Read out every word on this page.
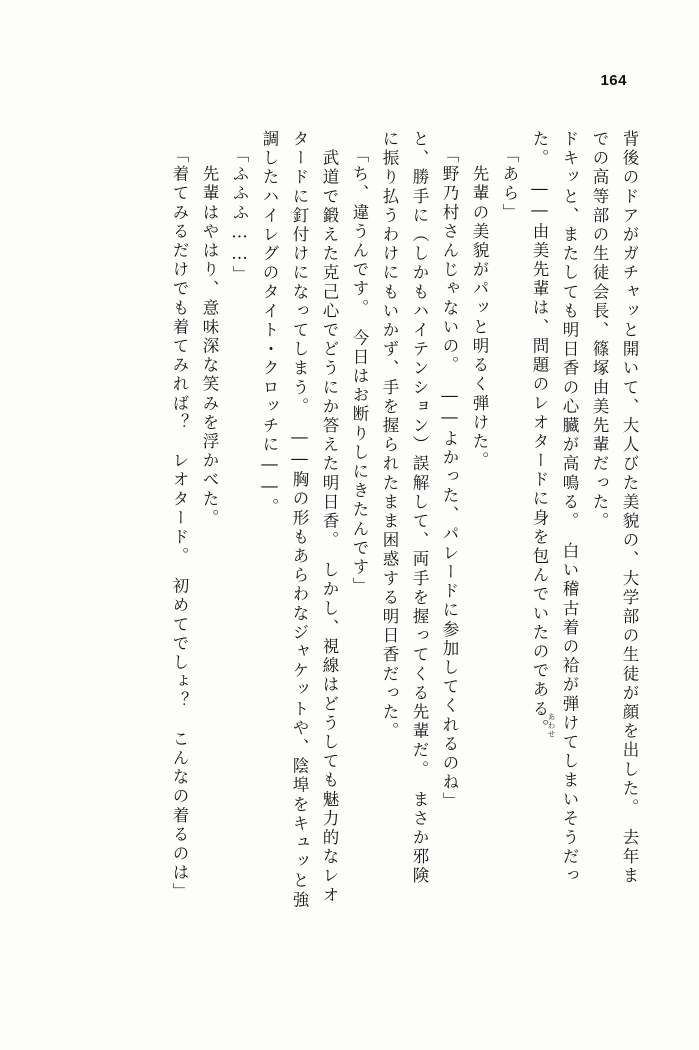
164
背後のドアがガチャッと開いて、大人びた美貌の、大学部の生徒が顔を出した。　去年ま
での高等部の生徒会長、篠塚由美先輩だった。
ドキッと、またしても明日香の心臓が高鳴る。　白い稽古着の袷が弾けてしまいそうだっ
た。　――由美先輩は、問題のレオタードに身を包んでいたのである。
「あら」
　先輩の美貌がパッと明るく弾けた。
「野乃村さんじゃないの。　――よかった、パレードに参加してくれるのね」
と、勝手に（しかもハイテンション）誤解して、両手を握ってくる先輩だ。　まさか邪険
に振り払うわけにもいかず、手を握られたまま困惑する明日香だった。
「ち、違うんです。　今日はお断りしにきたんです」
　武道で鍛えた克己心でどうにか答えた明日香。　しかし、視線はどうしても魅力的なレオ
タードに釘付けになってしまう。　――胸の形もあらわなジャケットや、陰埠をキュッと強
調したハイレグのタイト・クロッチに――。
「ふふふ……」
　先輩はやはり、意味深な笑みを浮かべた。
「着てみるだけでも着てみれば？　レオタード。　初めてでしょ？　こんなの着るのは」	あわせ
